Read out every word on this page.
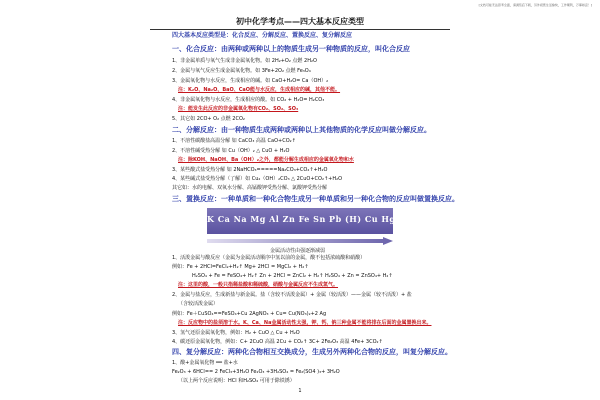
[文档可能无法思考全面，请浏览后下载，另外祝您生活愉快，工作顺利，万事如意！]
初中化学考点——四大基本反应类型
四大基本反应类型是：化合反应、分解反应、置换反应、复分解反应
一、化合反应：由两种或两种以上的物质生成另一种物质的反应，叫化合反应
1、非金属单质与氧气生成非金属氧化物。如 2H₂+O₂ 点燃 2H₂O
2、金属与氧气反应生成金属氧化物。如 3Fe+2O₂ 点燃 Fe₃O₄
3、金属氧化物与水反应，生成相应的碱。如 CaO+H₂O= Ca（OH）₂
注：K₂O、Na₂O、BaO、CaO能与水反应，生成相应的碱，其他不能。
4、非金属氧化物与水反应，生成相应的酸。如 CO₂ + H₂O= H₂CO₃
注：能发生此反应的非金属氧化物有CO₂、SO₂、SO₃
5、其它如 2CO+ O₂ 点燃 2CO₂
二、分解反应：由一种物质生成两种或两种以上其他物质的化学反应叫做分解反应。
1、不溶性碳酸盐高温分解 如 CaCO₃ 高温 CaO+CO₂↑
2、不溶性碱受热分解 如 Cu（OH）₂ △ CuO + H₂O
注：除KOH、NaOH、Ba（OH）₂之外，都能分解生成相应的金属氧化物和水
3、某些酸式盐受热分解 如 2NaHCO₃=====Na₂CO₃+CO₂↑+H₂O
4、某些碱式盐受热分解（了解）如 Cu₂（OH）₂CO₃ △ 2CuO+CO₂↑+H₂O
其它如：水的电解、双氧水分解、高锰酸钾受热分解、氯酸钾受热分解
三、置换反应：一种单质和一种化合物生成另一种单质和另一种化合物的反应叫做置换反应。
K Ca Na Mg Al Zn Fe Sn Pb (H) Cu Hg Ag Pt Au
金属活动性由强逐渐减弱
1、活泼金属与酸反应（金属为金属活动顺序中氢以前的金属，酸不包括浓硫酸和硝酸）
例如：Fe + 2HCl=FeCl₂+H₂↑ Mg+ 2HCl = MgCl₂ + H₂↑
H₂SO₄ + Fe = FeSO₄+ H₂↑ Zn + 2HCl = ZnCl₂ + H₂↑ H₂SO₄ + Zn = ZnSO₄+ H₂↑
注：这里的酸，一般只指稀盐酸和稀硫酸，硝酸与金属反应不生成氢气。
2、金属与盐反应，生成新盐与新金属。盐（含较不活泼金属）+ 金属（较活泼）——金属（较不活泼）+ 盐
（含较活泼金属）
例如：Fe＋CuSO₄==FeSO₄+Cu 2AgNO₃ + Cu= Cu(NO₃)₂+2 Ag
注：反应物中的盐须溶于水。K、Ca、Na金属活动性太强，钾、钙、钠三种金属不能将排在后面的金属置换出来。
3、氢气还原金属氧化物，例如：H₂ + CuO △ Cu + H₂O
4、碳还原金属氧化物，例如：C+ 2CuO 高温 2Cu + CO₂↑ 3C+ 2Fe₂O₃ 高温 4Fe+ 3CO₂↑
四、复分解反应：两种化合物相互交换成分，生成另外两种化合物的反应，叫复分解反应。
1、酸+金属氧化物 ══ 盐+水
Fe₂O₃ + 6HCl== 2 FeCl₃+3H₂O Fe₂O₃ +3H₂SO₄ = Fe₂(SO4 )₃+ 3H₂O
（以上两个反应说明：HCl 和H₂SO₄ 可用于除铁锈）
1
